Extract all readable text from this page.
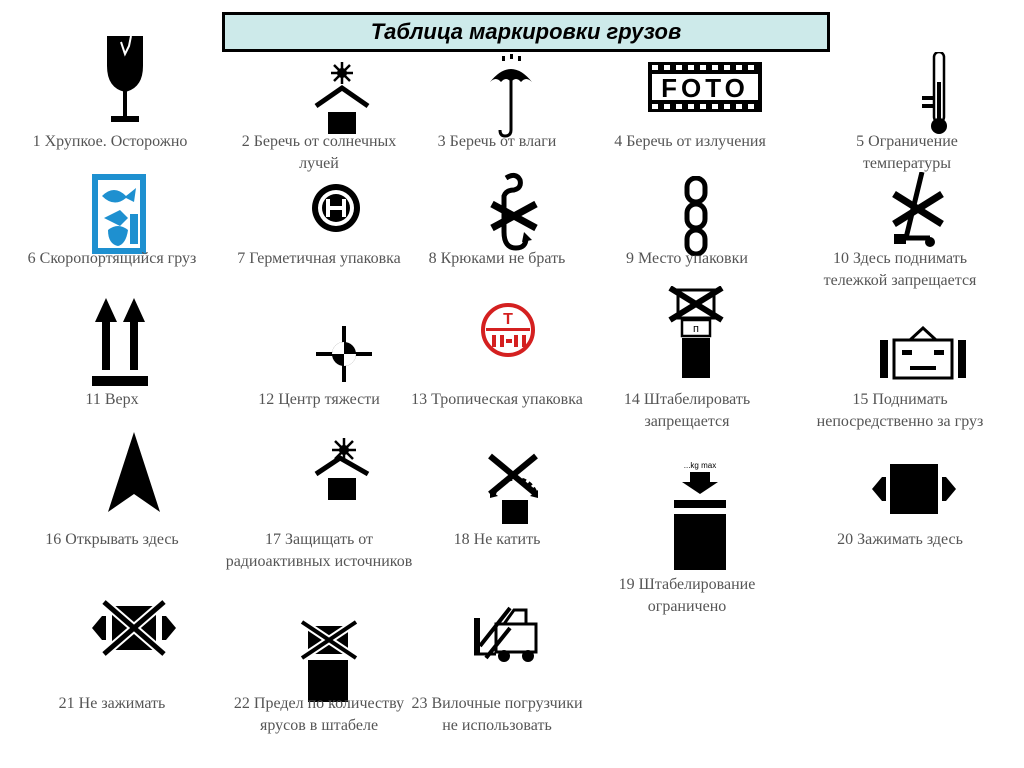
Таблица маркировки грузов
1 Хрупкое. Осторожно	2 Беречь от солнечных лучей
3 Беречь от влаги
FOTO
4 Беречь от излучения	5 Ограничение температуры
6 Скоропортящийся груз	7 Герметичная упаковка	8 Крюками не брать	9 Место упаковки	10 Здесь поднимать тележкой запрещается
11 Верх	12 Центр тяжести
Т
13 Тропическая упаковка
п
14 Штабелировать запрещается
15 Поднимать непосредственно за груз
16 Открывать здесь	17 Защищать от радиоактивных источников
18 Не катить
...kg max
19 Штабелирование ограничено
20 Зажимать здесь
21 Не зажимать	22 Предел по количеству ярусов в штабеле
23 Вилочные погрузчики не использовать
